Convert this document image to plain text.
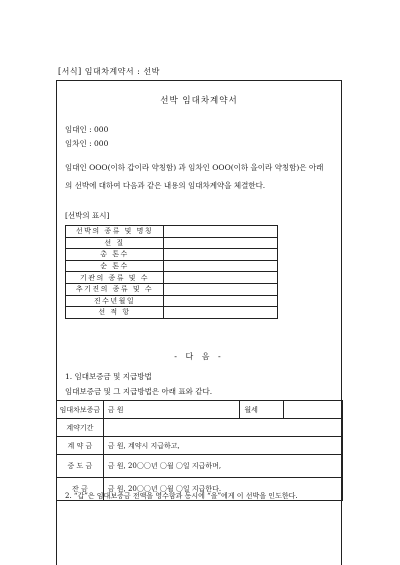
[서식] 임대차계약서 : 선박
선박 임대차계약서
임대인 : 000
임차인 : 000
임대인 OOO(이하 갑이라 약칭함) 과 임차인 OOO(이하 을이라 약칭함)은 아래
의 선박에 대하여 다음과 같은 내용의 임대차계약을 체결한다.
[선박의 표시]
선박의 종류 및 명칭	
선 질	
총 톤수	
순 톤수	
기관의 종류 및 수	
추기진의 종류 및 수	
진수년월일	
선 적 항	
- 다 음 -
1. 임대보증금 및 지급방법
임대보증금 및 그 지급방법은 아래 표와 같다.
임대차보증금	금 원	월세	
계약기간			
계 약 금	금 원, 계약시 지급하고,		
중 도 금	금 원, 20〇〇년 〇월 〇일 지급하며,		
잔 금	금 원, 20〇〇년 〇월 〇일 지급한다.		
2. “갑”은 임대보증금 전액을 영수함과 동시에 “을”에게 이 선박을 인도한다.
